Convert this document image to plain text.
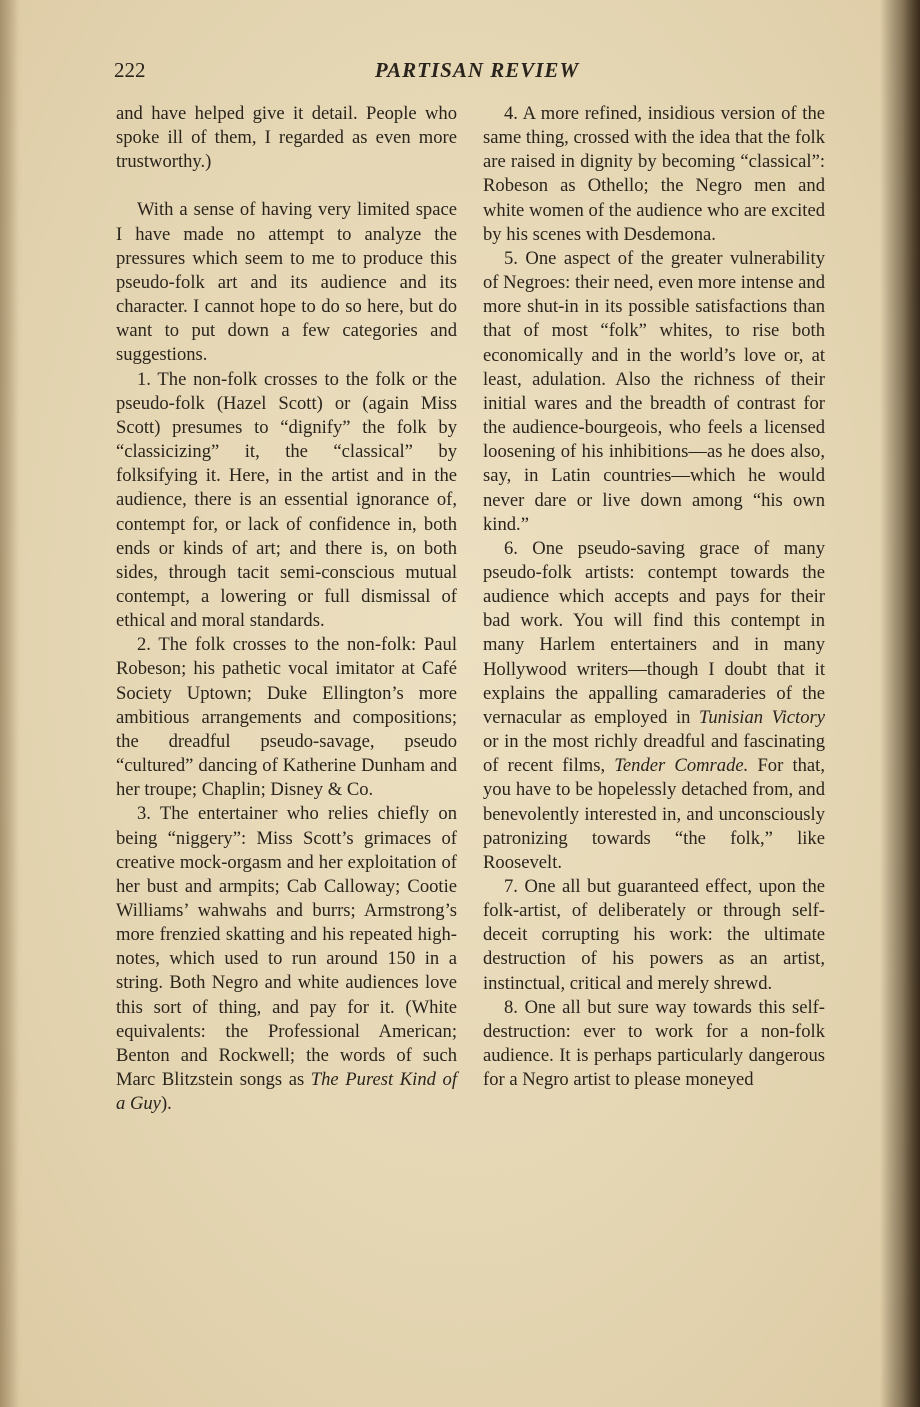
222	PARTISAN REVIEW

and have helped give it detail. People who spoke ill of them, I regarded as even more trustworthy.)

With a sense of having very limited space I have made no attempt to analyze the pressures which seem to me to produce this pseudo-folk art and its audience and its character. I cannot hope to do so here, but do want to put down a few categories and suggestions.

1. The non-folk crosses to the folk or the pseudo-folk (Hazel Scott) or (again Miss Scott) presumes to “dignify” the folk by “classicizing” it, the “classical” by folksifying it. Here, in the artist and in the audience, there is an essential ignorance of, contempt for, or lack of confidence in, both ends or kinds of art; and there is, on both sides, through tacit semi-conscious mutual contempt, a lowering or full dismissal of ethical and moral standards.

2. The folk crosses to the non-folk: Paul Robeson; his pathetic vocal imitator at Café Society Uptown; Duke Ellington’s more ambitious arrangements and compositions; the dreadful pseudo-savage, pseudo “cultured” dancing of Katherine Dunham and her troupe; Chaplin; Disney & Co.

3. The entertainer who relies chiefly on being “niggery”: Miss Scott’s grimaces of creative mock-orgasm and her exploitation of her bust and armpits; Cab Calloway; Cootie Williams’ wahwahs and burrs; Armstrong’s more frenzied skatting and his repeated high-notes, which used to run around 150 in a string. Both Negro and white audiences love this sort of thing, and pay for it. (White equivalents: the Professional American; Benton and Rockwell; the words of such Marc Blitzstein songs as The Purest Kind of a Guy).

4. A more refined, insidious version of the same thing, crossed with the idea that the folk are raised in dignity by becoming “classical”: Robeson as Othello; the Negro men and white women of the audience who are excited by his scenes with Desdemona.

5. One aspect of the greater vulnerability of Negroes: their need, even more intense and more shut-in in its possible satisfactions than that of most “folk” whites, to rise both economically and in the world’s love or, at least, adulation. Also the richness of their initial wares and the breadth of contrast for the audience-bourgeois, who feels a licensed loosening of his inhibitions—as he does also, say, in Latin countries—which he would never dare or live down among “his own kind.”

6. One pseudo-saving grace of many pseudo-folk artists: contempt towards the audience which accepts and pays for their bad work. You will find this contempt in many Harlem entertainers and in many Hollywood writers—though I doubt that it explains the appalling camaraderies of the vernacular as employed in Tunisian Victory or in the most richly dreadful and fascinating of recent films, Tender Comrade. For that, you have to be hopelessly detached from, and benevolently interested in, and unconsciously patronizing towards “the folk,” like Roosevelt.

7. One all but guaranteed effect, upon the folk-artist, of deliberately or through self-deceit corrupting his work: the ultimate destruction of his powers as an artist, instinctual, critical and merely shrewd.

8. One all but sure way towards this self-destruction: ever to work for a non-folk audience. It is perhaps particularly dangerous for a Negro artist to please moneyed
